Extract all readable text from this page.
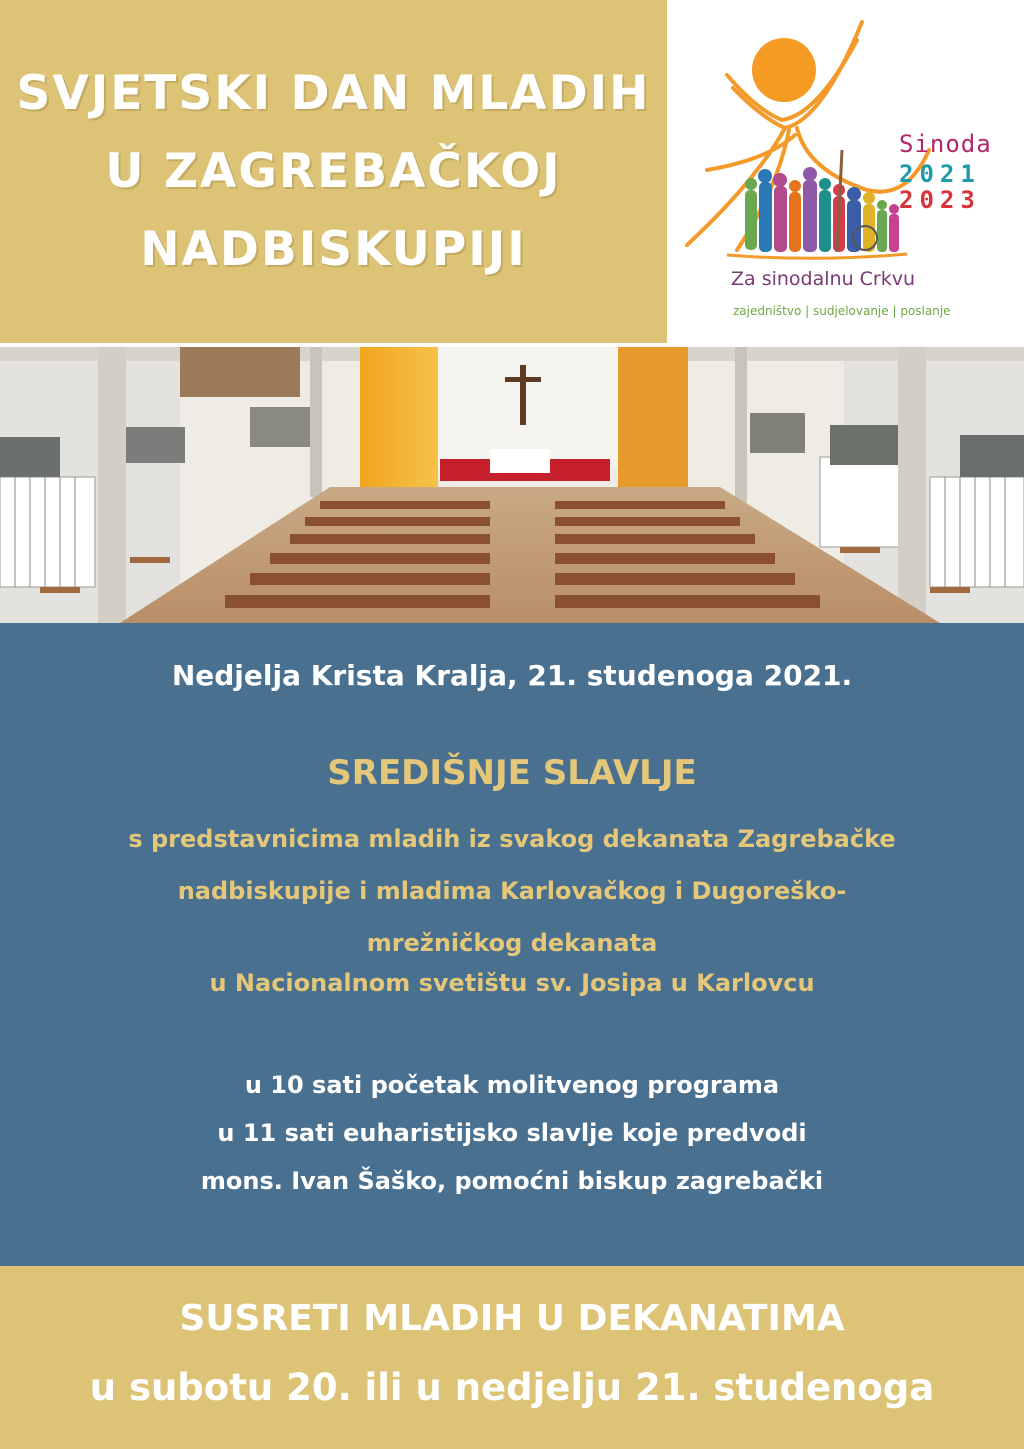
SVJETSKI DAN MLADIH
U ZAGREBAČKOJ
NADBISKUPIJI
Sinoda
2021
2023
Za sinodalnu Crkvu
zajedništvo | sudjelovanje | poslanje
Nedjelja Krista Kralja, 21. studenoga 2021.
SREDIŠNJE SLAVLJE
s predstavnicima mladih iz svakog dekanata Zagrebačke
nadbiskupije i mladima Karlovačkog i Dugoreško-
mrežničkog dekanata
u Nacionalnom svetištu sv. Josipa u Karlovcu
u 10 sati početak molitvenog programa
u 11 sati euharistijsko slavlje koje predvodi
mons. Ivan Šaško, pomoćni biskup zagrebački
SUSRETI MLADIH U DEKANATIMA
u subotu 20. ili u nedjelju 21. studenoga
